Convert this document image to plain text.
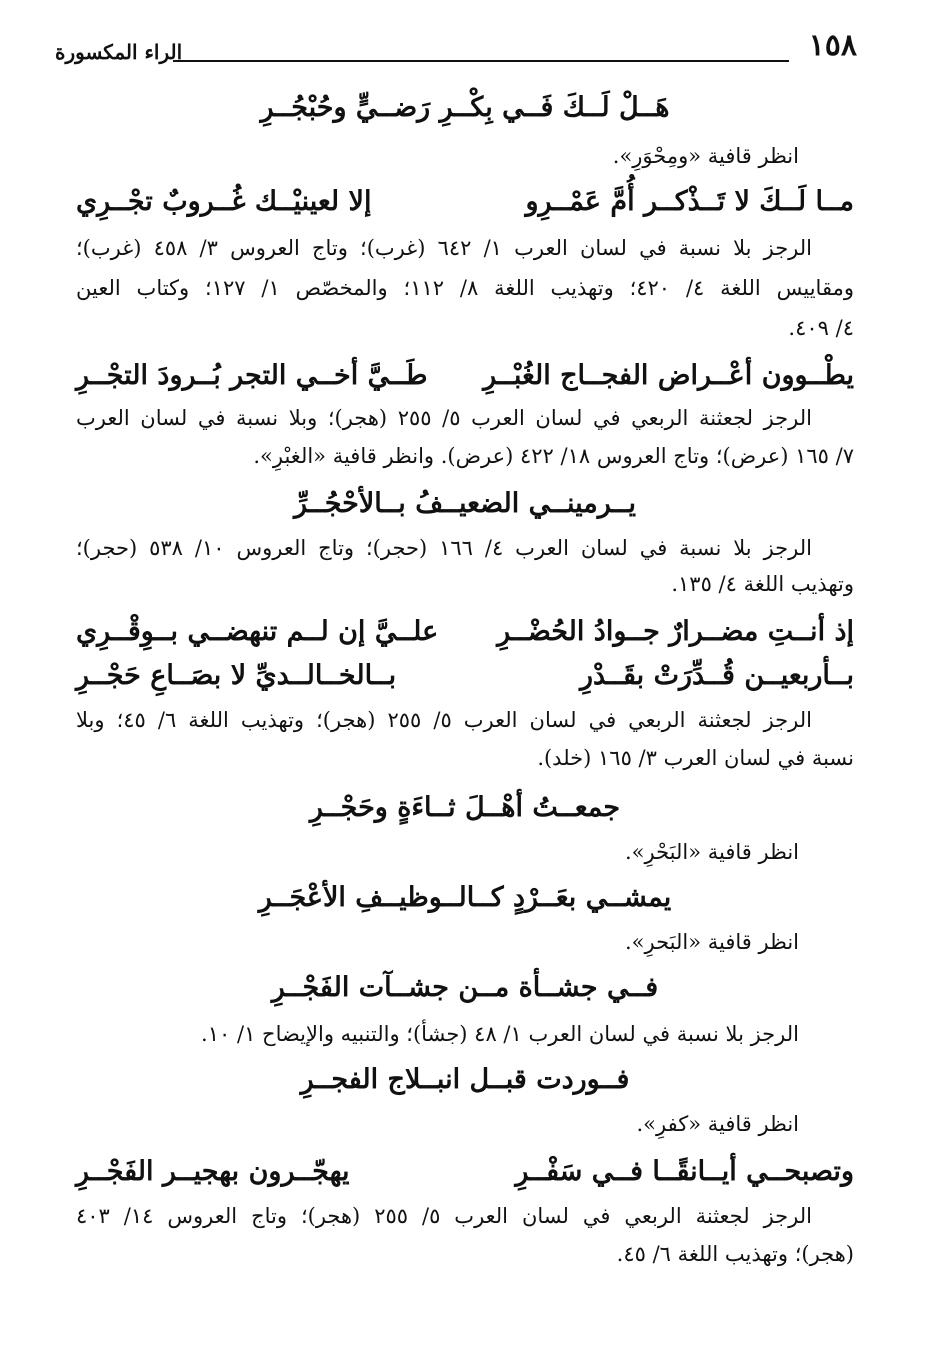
١٥٨
الراء المكسورة
هَــلْ لَــكَ فَــي بِكْــرِ رَضــيٍّ وحُبْجُــرِ
انظر قافية «ومِحْوَرِ».
مــا لَــكَ لا تَــذْكــر أُمَّ عَمْــرِو
إلا لعينيْــك غُــروبٌ تجْــرِي
الرجز بلا نسبة في لسان العرب ١/ ٦٤٢ (غرب)؛ وتاج العروس ٣/ ٤٥٨ (غرب)؛
ومقاييس اللغة ٤/ ٤٢٠؛ وتهذيب اللغة ٨/ ١١٢؛ والمخصّص ١/ ١٢٧؛ وكتاب العين
٤/ ٤٠٩.
يطْــوون أعْــراض الفجــاج الغُبْــرِ
طَــيَّ أخــي التجر بُــرودَ التجْــرِ
الرجز لجعثنة الربعي في لسان العرب ٥/ ٢٥٥ (هجر)؛ وبلا نسبة في لسان العرب
٧/ ١٦٥ (عرض)؛ وتاج العروس ١٨/ ٤٢٢ (عرض). وانظر قافية «الغبْرِ».
يــرمينــي الضعيــفُ بــالأحْجُــرِّ
الرجز بلا نسبة في لسان العرب ٤/ ١٦٦ (حجر)؛ وتاج العروس ١٠/ ٥٣٨ (حجر)؛
وتهذيب اللغة ٤/ ١٣٥.
إذ أنــتِ مضــرارٌ جــوادُ الحُضْــرِ
علــيَّ إن لــم تنهضــي بــوِقْــرِي
بــأربعيــن قُــدِّرَتْ بقَــدْرِ
بــالخــالــديِّ لا بصَــاعِ حَجْــرِ
الرجز لجعثنة الربعي في لسان العرب ٥/ ٢٥٥ (هجر)؛ وتهذيب اللغة ٦/ ٤٥؛ وبلا
نسبة في لسان العرب ٣/ ١٦٥ (خلد).
جمعــتُ أهْــلَ ثــاءَةٍ وحَجْــرِ
انظر قافية «البَحْرِ».
يمشــي بعَــرْدٍ كــالــوظيــفِ الأعْجَــرِ
انظر قافية «البَحرِ».
فــي جشــأة مــن جشــآت الفَجْــرِ
الرجز بلا نسبة في لسان العرب ١/ ٤٨ (جشأ)؛ والتنبيه والإيضاح ١/ ١٠.
فــوردت قبــل انبــلاج الفجــرِ
انظر قافية «كفرِ».
وتصبحــي أيــانقًــا فــي سَفْــرِ
يهجّــرون بهجيــر الفَجْــرِ
الرجز لجعثنة الربعي في لسان العرب ٥/ ٢٥٥ (هجر)؛ وتاج العروس ١٤/ ٤٠٣
(هجر)؛ وتهذيب اللغة ٦/ ٤٥.
